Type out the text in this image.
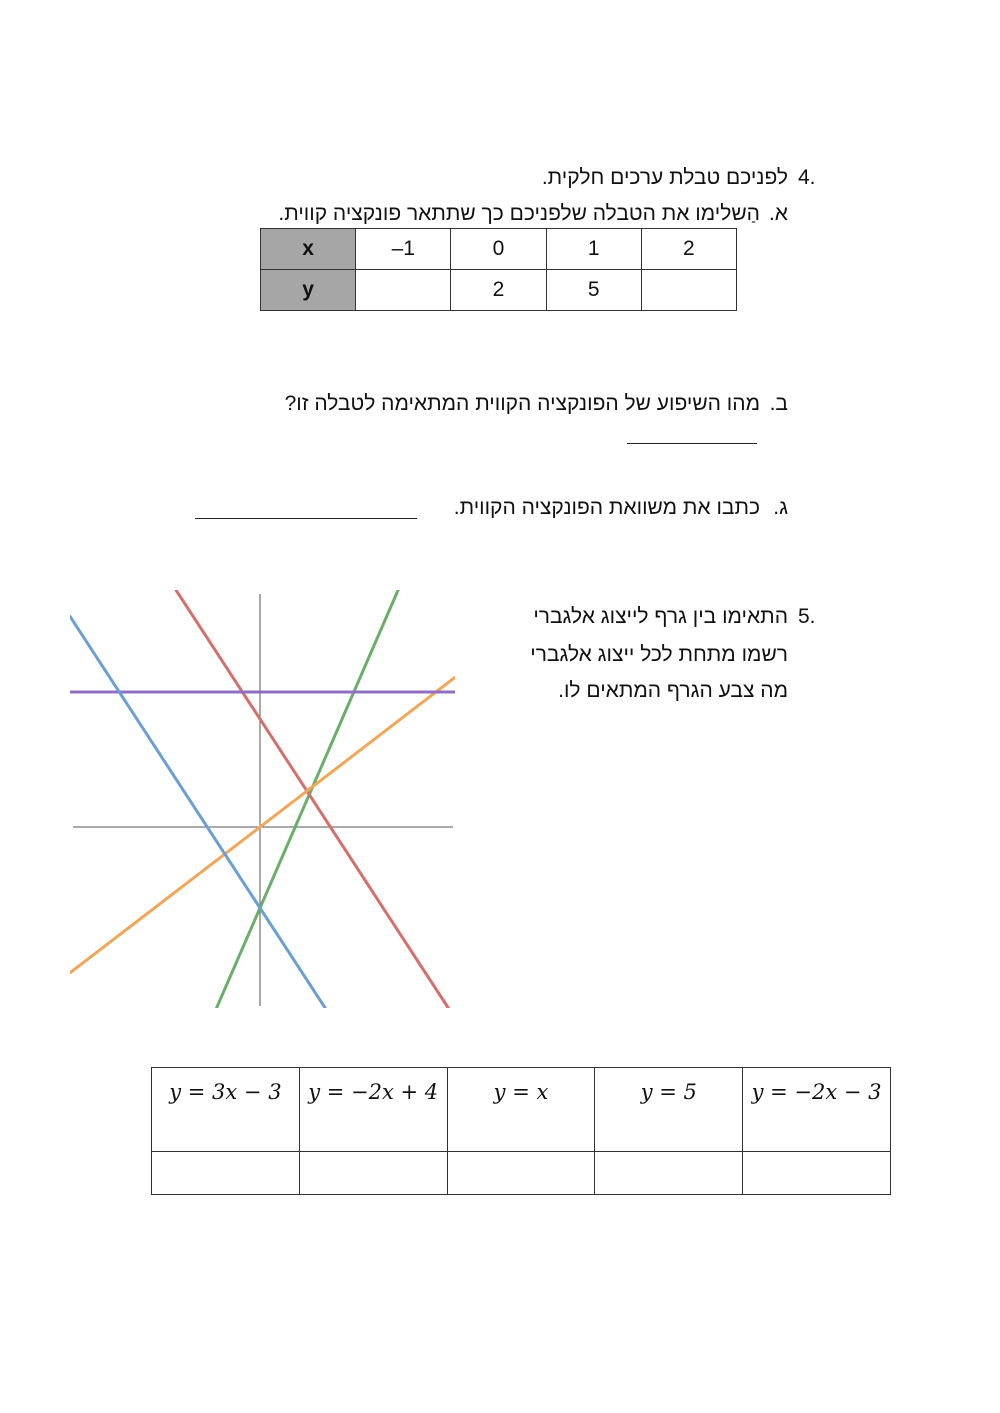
4.
לפניכם טבלת ערכים חלקית.
א.
הַשלימו את הטבלה שלפניכם כך שתתאר פונקציה קווית.
x	–1	0	1	2
y		2	5	
ב.
מהו השיפוע של הפונקציה הקווית המתאימה לטבלה זו?
ג.
כתבו את משוואת הפונקציה הקווית.
5.
התאימו בין גרף לייצוג אלגברי
רשמו מתחת לכל ייצוג אלגברי
מה צבע הגרף המתאים לו.
y = 3x − 3	y = −2x + 4	y = x	y = 5	y = −2x − 3
